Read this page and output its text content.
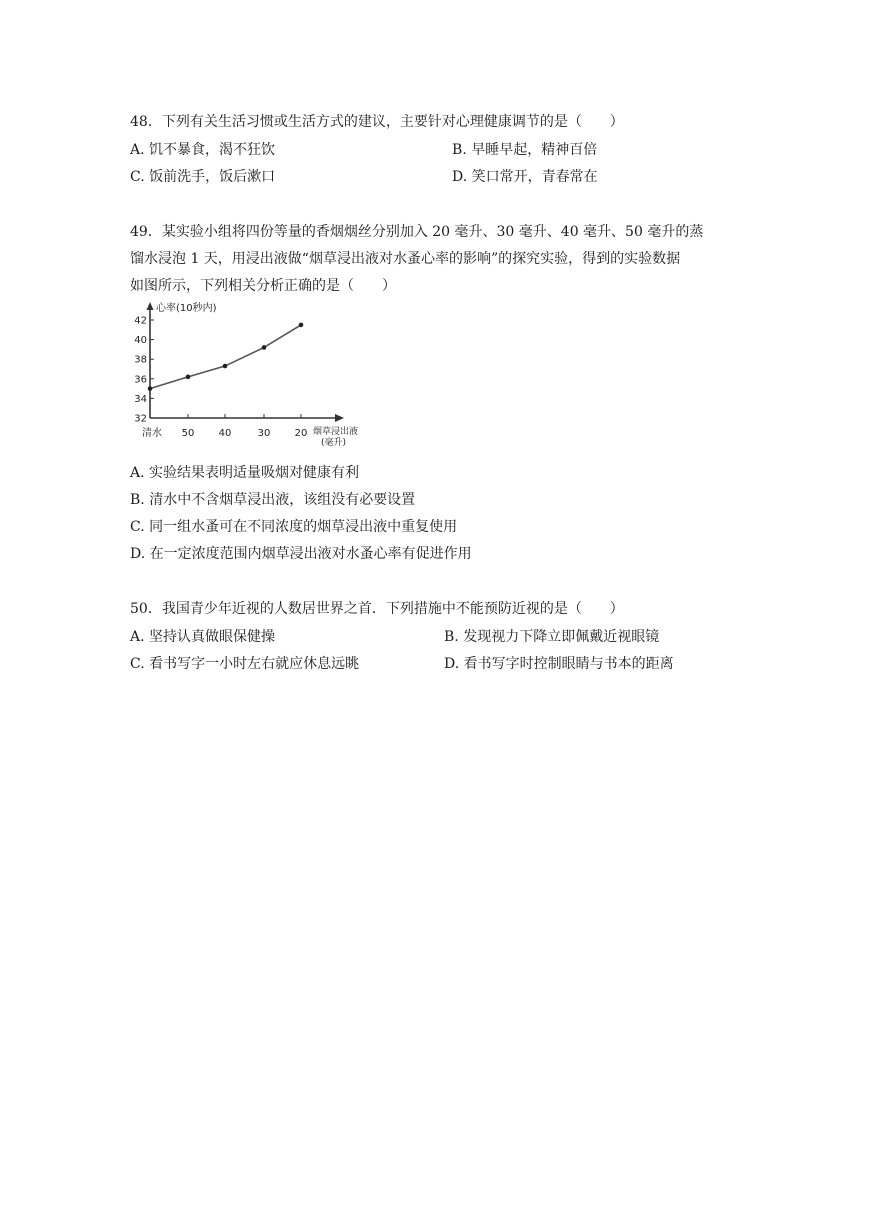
48．下列有关生活习惯或生活方式的建议，主要针对心理健康调节的是（　　）
A. 饥不暴食，渴不狂饮	B. 早睡早起，精神百倍
C. 饭前洗手，饭后漱口	D. 笑口常开，青春常在
49．某实验小组将四份等量的香烟烟丝分别加入 20 毫升、30 毫升、40 毫升、50 毫升的蒸
馏水浸泡 1 天，用浸出液做“烟草浸出液对水蚤心率的影响”的探究实验，得到的实验数据
如图所示，下列相关分析正确的是（　　）
心率(10秒内)
烟草浸出液
(毫升)
42
40
38
36
34
32
清水 50 40	30 20
A. 实验结果表明适量吸烟对健康有利
B. 清水中不含烟草浸出液，该组没有必要设置
C. 同一组水蚤可在不同浓度的烟草浸出液中重复使用
D. 在一定浓度范围内烟草浸出液对水蚤心率有促进作用
50．我国青少年近视的人数居世界之首．下列措施中不能预防近视的是（　　）
A. 坚持认真做眼保健操	B. 发现视力下降立即佩戴近视眼镜
C. 看书写字一小时左右就应休息远眺	D. 看书写字时控制眼睛与书本的距离
